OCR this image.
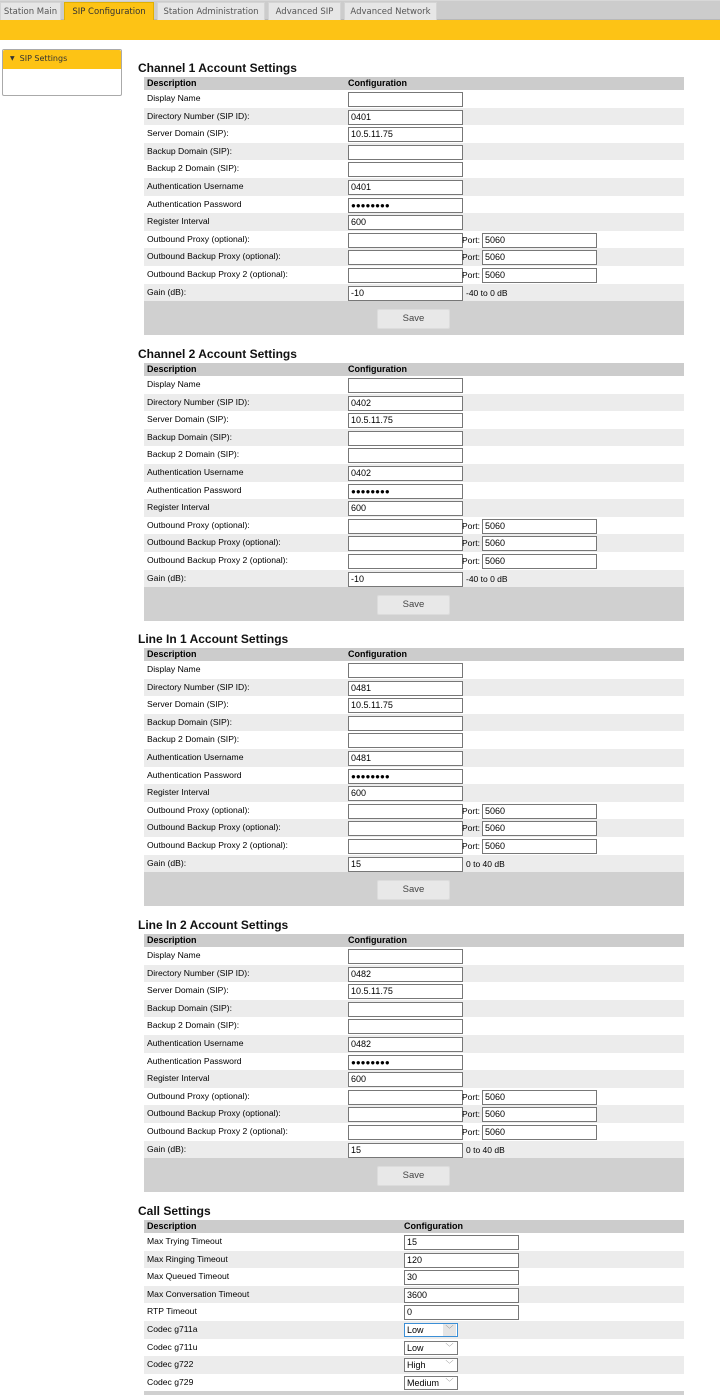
Station Main	SIP Configuration	Station Administration	Advanced SIP	Advanced Network
▼ SIP Settings
Channel 1 Account Settings
Description	Configuration
Display Name
Directory Number (SIP ID):	0401
Server Domain (SIP):	10.5.11.75
Backup Domain (SIP):
Backup 2 Domain (SIP):
Authentication Username	0401
Authentication Password	●●●●●●●●
Register Interval	600
Outbound Proxy (optional):	Port: 5060
Outbound Backup Proxy (optional):	Port: 5060
Outbound Backup Proxy 2 (optional):	Port: 5060
Gain (dB):	-10	-40 to 0 dB
Save
Channel 2 Account Settings
Description	Configuration
Display Name
Directory Number (SIP ID):	0402
Server Domain (SIP):	10.5.11.75
Backup Domain (SIP):
Backup 2 Domain (SIP):
Authentication Username	0402
Authentication Password	●●●●●●●●
Register Interval	600
Outbound Proxy (optional):	Port: 5060
Outbound Backup Proxy (optional):	Port: 5060
Outbound Backup Proxy 2 (optional):	Port: 5060
Gain (dB):	-10	-40 to 0 dB
Save
Line In 1 Account Settings
Description	Configuration
Display Name
Directory Number (SIP ID):	0481
Server Domain (SIP):	10.5.11.75
Backup Domain (SIP):
Backup 2 Domain (SIP):
Authentication Username	0481
Authentication Password	●●●●●●●●
Register Interval	600
Outbound Proxy (optional):	Port: 5060
Outbound Backup Proxy (optional):	Port: 5060
Outbound Backup Proxy 2 (optional):	Port: 5060
Gain (dB):	15	0 to 40 dB
Save
Line In 2 Account Settings
Description	Configuration
Display Name
Directory Number (SIP ID):	0482
Server Domain (SIP):	10.5.11.75
Backup Domain (SIP):
Backup 2 Domain (SIP):
Authentication Username	0482
Authentication Password	●●●●●●●●
Register Interval	600
Outbound Proxy (optional):	Port: 5060
Outbound Backup Proxy (optional):	Port: 5060
Outbound Backup Proxy 2 (optional):	Port: 5060
Gain (dB):	15	0 to 40 dB
Save
Call Settings
Description	Configuration
Max Trying Timeout	15
Max Ringing Timeout	120
Max Queued Timeout	30
Max Conversation Timeout	3600
RTP Timeout	0
Codec g711a	Low	﹀
Codec g711u	Low	﹀
Codec g722	High	﹀
Codec g729	Medium ﹀
